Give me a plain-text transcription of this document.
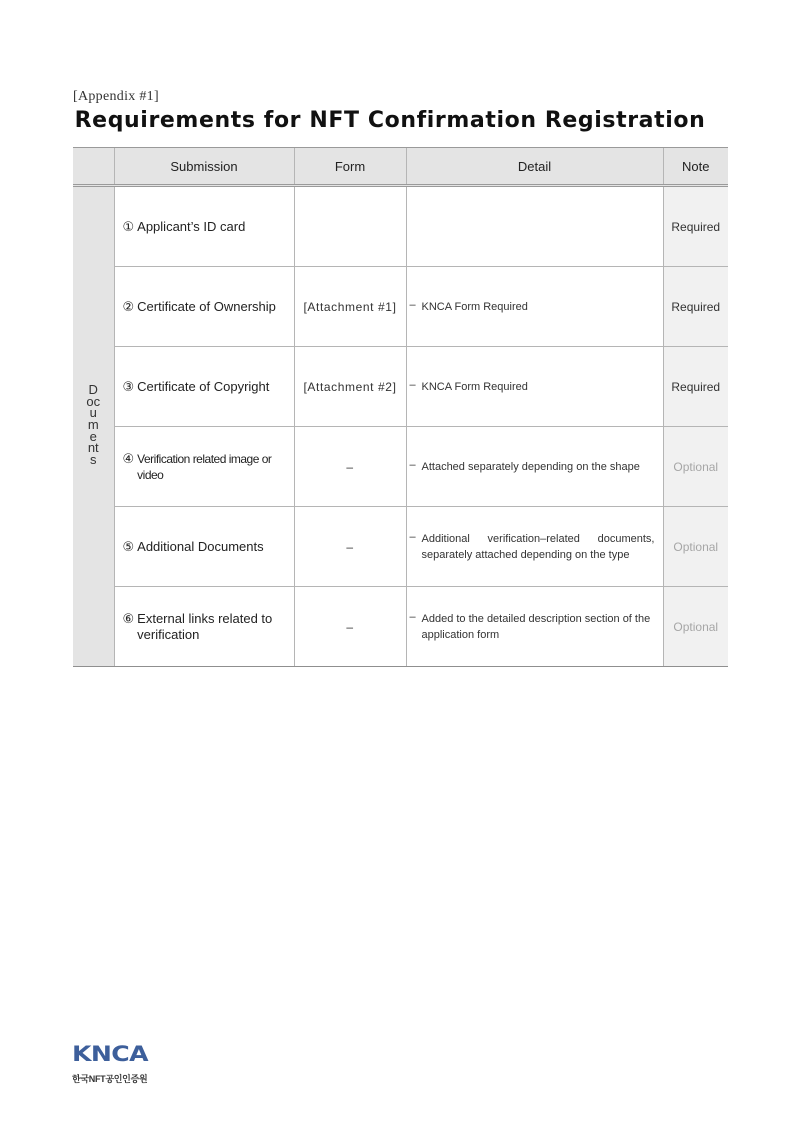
[Appendix #1]
Requirements for NFT Confirmation Registration
	Submission	Form	Detail	Note
Documents	① Applicant’s ID card			Required

	② Certificate of Ownership	[Attachment #1]	– KNCA Form Required	Required

	③ Certificate of Copyright	[Attachment #2]	– KNCA Form Required	Required

	④ Verification related image or video	–	– Attached separately depending on the shape	Optional

	⑤ Additional Documents	–	– Additional verification–related documents, separately attached depending on the type	Optional

	⑥ External links related to verification	–	– Added to the detailed description section of the application form	Optional
KNCA
한국NFT공인인증원
